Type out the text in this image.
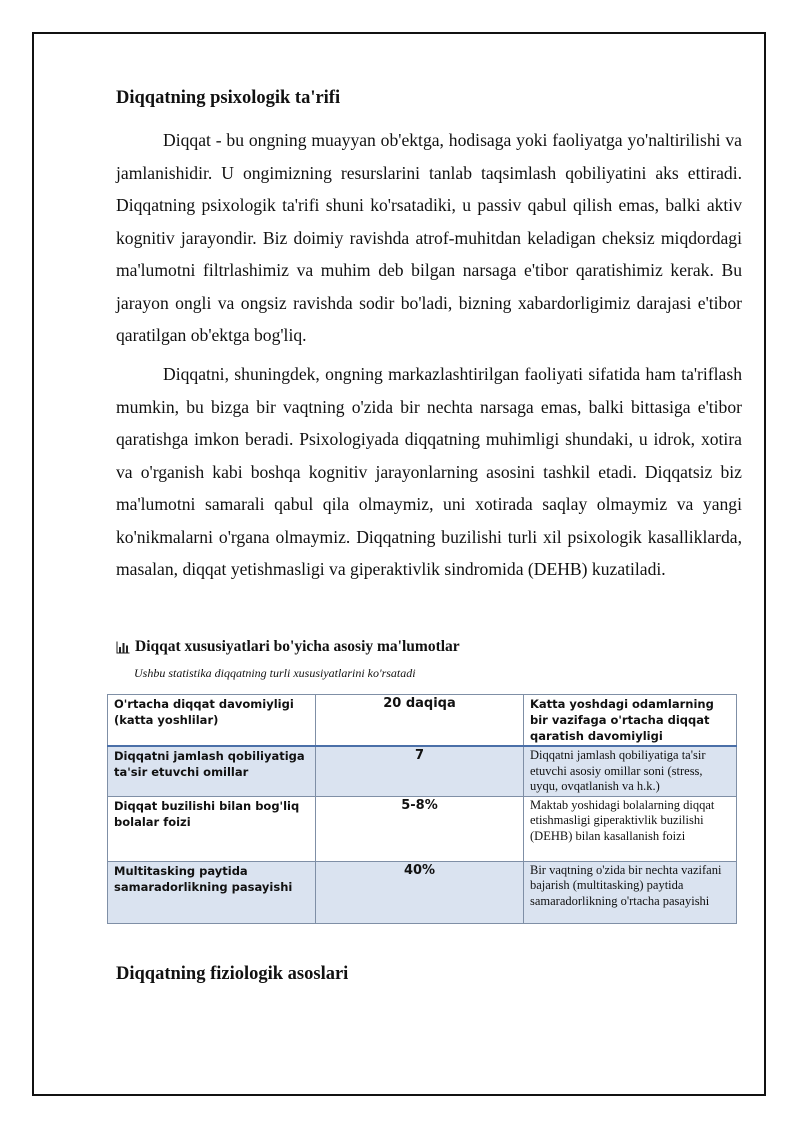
Diqqatning psixologik ta'rifi

Diqqat - bu ongning muayyan ob'ektga, hodisaga yoki faoliyatga yo'naltirilishi va jamlanishidir. U ongimizning resurslarini tanlab taqsimlash qobiliyatini aks ettiradi. Diqqatning psixologik ta'rifi shuni ko'rsatadiki, u passiv qabul qilish emas, balki aktiv kognitiv jarayondir. Biz doimiy ravishda atrof-muhitdan keladigan cheksiz miqdordagi ma'lumotni filtrlashimiz va muhim deb bilgan narsaga e'tibor qaratishimiz kerak. Bu jarayon ongli va ongsiz ravishda sodir bo'ladi, bizning xabardorligimiz darajasi e'tibor qaratilgan ob'ektga bog'liq.

Diqqatni, shuningdek, ongning markazlashtirilgan faoliyati sifatida ham ta'riflash mumkin, bu bizga bir vaqtning o'zida bir nechta narsaga emas, balki bittasiga e'tibor qaratishga imkon beradi. Psixologiyada diqqatning muhimligi shundaki, u idrok, xotira va o'rganish kabi boshqa kognitiv jarayonlarning asosini tashkil etadi. Diqqatsiz biz ma'lumotni samarali qabul qila olmaymiz, uni xotirada saqlay olmaymiz va yangi ko'nikmalarni o'rgana olmaymiz. Diqqatning buzilishi turli xil psixologik kasalliklarda, masalan, diqqat yetishmasligi va giperaktivlik sindromida (DEHB) kuzatiladi.

Diqqat xususiyatlari bo'yicha asosiy ma'lumotlar
Ushbu statistika diqqatning turli xususiyatlarini ko'rsatadi
O'rtacha diqqat davomiyligi (katta yoshlilar)	20 daqiqa	Katta yoshdagi odamlarning bir vazifaga o'rtacha diqqat qaratish davomiyligi
Diqqatni jamlash qobiliyatiga ta'sir etuvchi omillar	7	Diqqatni jamlash qobiliyatiga ta'sir etuvchi asosiy omillar soni (stress, uyqu, ovqatlanish va h.k.)
Diqqat buzilishi bilan bog'liq bolalar foizi	5-8%	Maktab yoshidagi bolalarning diqqat etishmasligi giperaktivlik buzilishi (DEHB) bilan kasallanish foizi
Multitasking paytida samaradorlikning pasayishi	40%	Bir vaqtning o'zida bir nechta vazifani bajarish (multitasking) paytida samaradorlikning o'rtacha pasayishi
Diqqatning fiziologik asoslari
